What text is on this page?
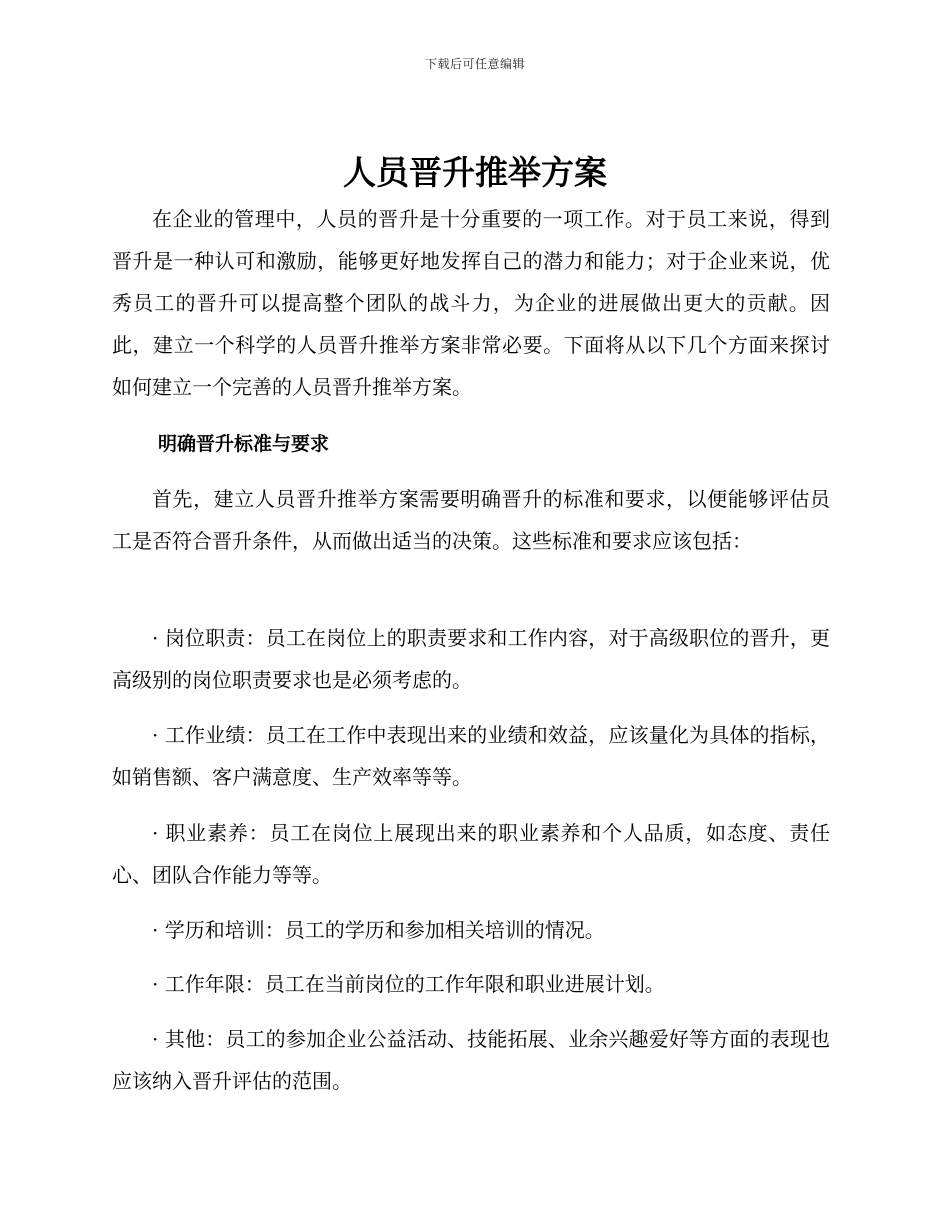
下载后可任意编辑
人员晋升推举方案

在企业的管理中，人员的晋升是十分重要的一项工作。对于员工来说，得到晋升是一种认可和激励，能够更好地发挥自己的潜力和能力；对于企业来说，优秀员工的晋升可以提高整个团队的战斗力，为企业的进展做出更大的贡献。因此，建立一个科学的人员晋升推举方案非常必要。下面将从以下几个方面来探讨如何建立一个完善的人员晋升推举方案。

明确晋升标准与要求

首先，建立人员晋升推举方案需要明确晋升的标准和要求，以便能够评估员工是否符合晋升条件，从而做出适当的决策。这些标准和要求应该包括：

· 岗位职责：员工在岗位上的职责要求和工作内容，对于高级职位的晋升，更高级别的岗位职责要求也是必须考虑的。

· 工作业绩：员工在工作中表现出来的业绩和效益，应该量化为具体的指标，如销售额、客户满意度、生产效率等等。

· 职业素养：员工在岗位上展现出来的职业素养和个人品质，如态度、责任心、团队合作能力等等。

· 学历和培训：员工的学历和参加相关培训的情况。

· 工作年限：员工在当前岗位的工作年限和职业进展计划。

· 其他：员工的参加企业公益活动、技能拓展、业余兴趣爱好等方面的表现也应该纳入晋升评估的范围。
